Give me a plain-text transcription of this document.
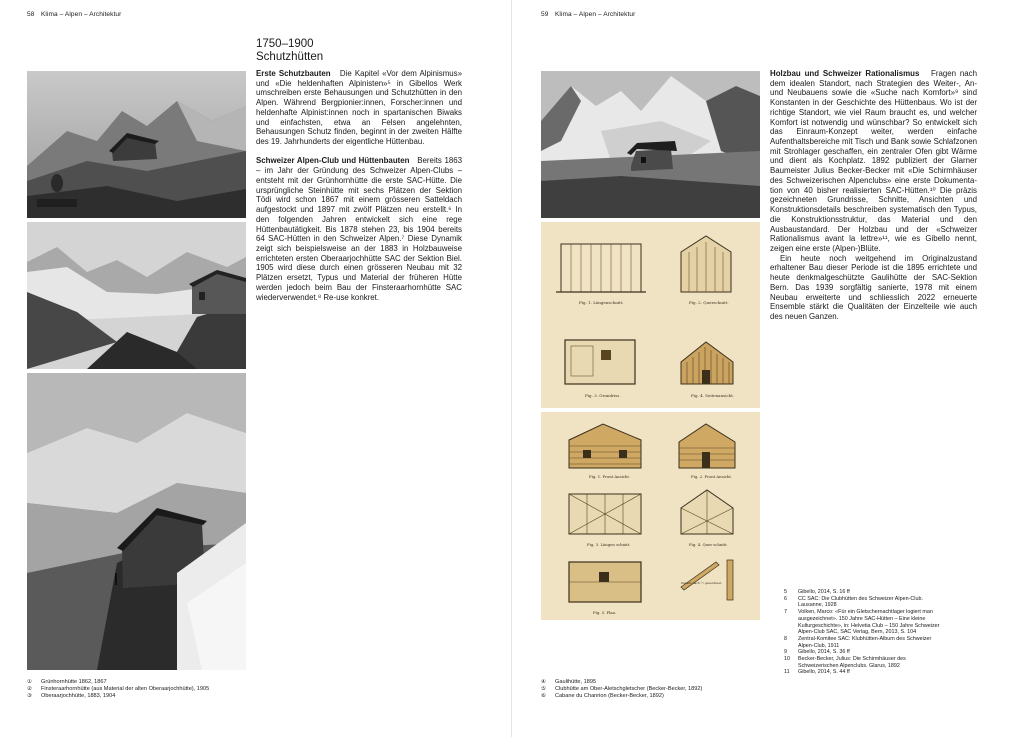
58 Klima – Alpen – Architektur	59 Klima – Alpen – Architektur
1750–1900
Schutzhütten

Erste Schutzbauten Die Kapitel «Vor dem Alpinismus» und «Die heldenhaften Alpinisten»⁵ in Gibellos Werk umschreiben erste Behausungen und Schutzhütten in den Alpen. Während Bergpionier:innen, Forscher:innen und heldenhafte Alpinist:innen noch in spartanischen Biwaks und einfachsten, etwa an Felsen angelehnten, Behausungen Schutz finden, beginnt in der zweiten Hälfte des 19. Jahrhunderts der eigentliche Hüttenbau.

Schweizer Alpen-Club und Hüttenbauten Bereits 1863 – im Jahr der Gründung des Schweizer Alpen-Clubs – entsteht mit der Grünhornhütte die erste SAC-Hütte. Die ursprüngliche Steinhütte mit sechs Plätzen der Sektion Tödi wird schon 1867 mit einem grösseren Satteldach aufgestockt und 1897 mit zwölf Plätzen neu erstellt.⁶ In den folgenden Jahren entwickelt sich eine rege Hüttenbautätigkeit. Bis 1878 stehen 23, bis 1904 bereits 64 SAC-Hütten in den Schweizer Alpen.⁷ Diese Dynamik zeigt sich beispielsweise an der 1883 in Holzbauweise errichteten ersten Oberaarjochhütte SAC der Sektion Biel. 1905 wird diese durch einen grösseren Neubau mit 32 Plätzen ersetzt, Typus und Material der früheren Hütte werden jedoch beim Bau der Finsteraarhornhütte SAC wiederverwendet.⁸ Re-use konkret.

①	Grünhornhütte 1862, 1867
②	Finsteraarhornhütte (aus Material der alten Oberaarjochhütte), 1905
③	Oberaarjochhütte, 1883, 1904
Fig. 1. Längenschnitt.	Fig. 2. Querschnitt.
Fig. 3. Grundriss.	Fig. 4. Seitenansicht.
Fig. 1. Front Ansicht.	Fig. 2. Front Ansicht.
Fig. 3. Längen schnitt.	Fig. 4. Quer schnitt.
Fig. 5. Plan.
Details nach ¼ gezeichnet.

Holzbau und Schweizer Rationalismus Fragen nach dem idealen Standort, nach Strategien des Weiter-, An- und Neubauens sowie die «Suche nach Komfort»⁹ sind Konstanten in der Geschichte des Hüttenbaus. Wo ist der richtige Standort, wie viel Raum braucht es, und welcher Komfort ist notwendig und wünschbar? So entwickelt sich das Einraum-Konzept weiter, werden einfache Aufenthaltsbereiche mit Tisch und Bank sowie Schlafzonen mit Strohlager geschaffen, ein zentraler Ofen gibt Wärme und dient als Kochplatz. 1892 publiziert der Glarner Baumeister Julius Becker-Becker mit «Die Schirmhäuser des Schweizerischen Alpenclubs» eine erste Dokumentation von 40 bisher realisierten SAC-Hütten.¹⁰ Die präzis gezeichneten Grundrisse, Schnitte, Ansichten und Konstruktionsdetails beschreiben systematisch den Typus, die Konstruktionsstruktur, das Material und den Ausbaustandard. Der Holzbau und der «Schweizer Rationalismus avant la lettre»¹¹, wie es Gibello nennt, zeigen eine erste (Alpen-)Blüte.

Ein heute noch weitgehend im Originalzustand erhaltener Bau dieser Periode ist die 1895 errichtete und heute denkmalgeschützte Gaulihütte der SAC-Sektion Bern. Das 1939 sorgfältig sanierte, 1978 mit einem Neubau erweiterte und schliesslich 2022 erneuerte Ensemble stärkt die Qualitäten der Einzelteile wie auch des neuen Ganzen.

④	Gaulihütte, 1895
⑤	Clubhütte am Ober-Aletschgletscher (Becker-Becker, 1892)
⑥	Cabane du Chanrion (Becker-Becker, 1892)
5	Gibello, 2014, S. 16 ff
6	CC SAC: Die Clubhütten des Schweizer Alpen-Club. Lausanne, 1928
7	Volken, Marco: «Für ein Gletschernachtlager logiert man ausgezeichnet». 150 Jahre SAC-Hütten – Eine kleine Kulturgeschichte», in: Helvetia Club – 150 Jahre Schweizer Alpen-Club SAC, SAC Verlag, Bern, 2013, S. 104
8	Zentral-Komitee SAC: Klubhütten-Album des Schweizer Alpen-Club, 1911
9	Gibello, 2014, S. 36 ff
10	Becker-Becker, Julius: Die Schirmhäuser des Schweizerischen Alpenclubs. Glarus, 1892
11	Gibello, 2014, S. 44 ff
